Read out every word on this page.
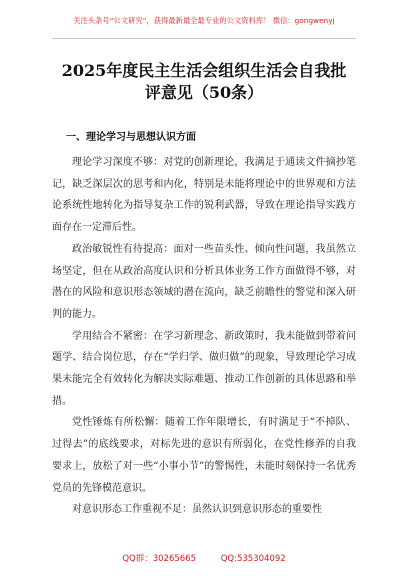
关注头条号“公文研究”，获得最新最全最专业的公文资料库！ 微信：gongwenyj
2025年度民主生活会组织生活会自我批
评意见（50条）
一、理论学习与思想认识方面

理论学习深度不够：对党的创新理论，我满足于通读文件摘抄笔记，缺乏深层次的思考和内化，特别是未能将理论中的世界观和方法论系统性地转化为指导复杂工作的锐利武器，导致在理论指导实践方面存在一定滞后性。

政治敏锐性有待提高：面对一些苗头性、倾向性问题，我虽然立场坚定，但在从政治高度认识和分析具体业务工作方面做得不够，对潜在的风险和意识形态领域的潜在流向，缺乏前瞻性的警觉和深入研判的能力。

学用结合不紧密：在学习新理念、新政策时，我未能做到带着问题学、结合岗位思，存在“学归学、做归做”的现象，导致理论学习成果未能完全有效转化为解决实际难题、推动工作创新的具体思路和举措。

党性锤炼有所松懈：随着工作年限增长，有时满足于“不掉队、过得去”的底线要求，对标先进的意识有所弱化，在党性修养的自我要求上，放松了对一些“小事小节”的警惕性，未能时刻保持一名优秀党员的先锋模范意识。

对意识形态工作重视不足：虽然认识到意识形态的重要性

QQ群：30265665	QQ:535304092
